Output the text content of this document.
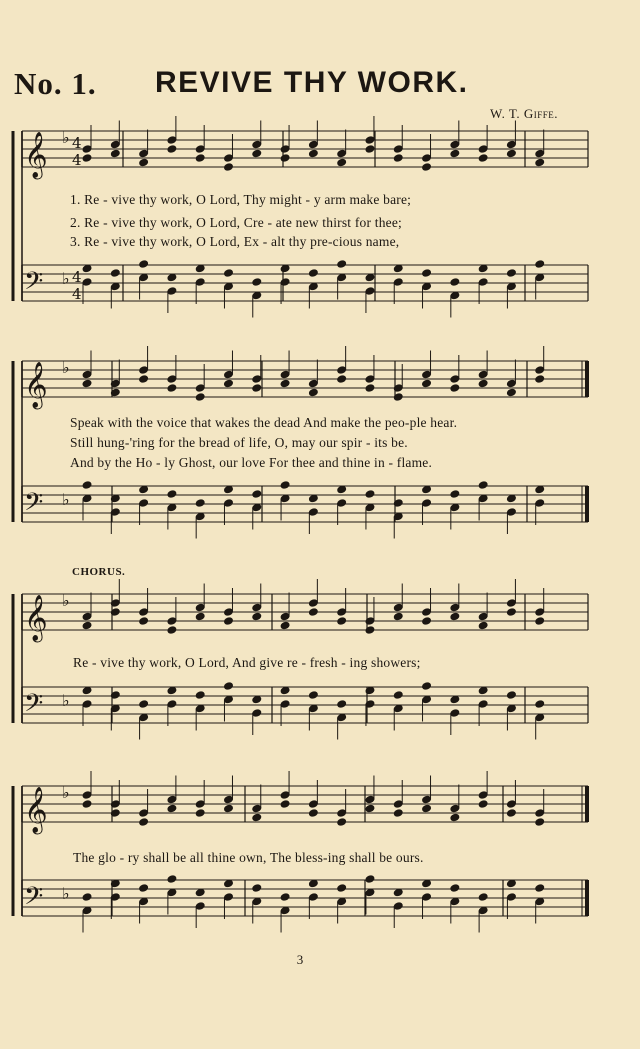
No. 1. REVIVE THY WORK.
W. T. Giffe.
𝄞 ♭ 4
4
𝄢 ♭ 4
4
𝄞 ♭
𝄢 ♭
𝄞 ♭
𝄢 ♭
𝄞 ♭
𝄢 ♭
1. Re - vive thy work, O Lord, Thy might - y arm make bare;
2. Re - vive thy work, O Lord, Cre - ate new thirst for thee;
3. Re - vive thy work, O Lord, Ex - alt thy pre-cious name,
Speak with the voice that wakes the dead And make the peo-ple hear.
Still hung-'ring for the bread of life, O, may our spir - its be.
And by the Ho - ly Ghost, our love For thee and thine in - flame.
CHORUS.
Re - vive thy work, O Lord, And give re - fresh - ing showers;
The glo - ry shall be all thine own, The bless-ing shall be ours.
3
